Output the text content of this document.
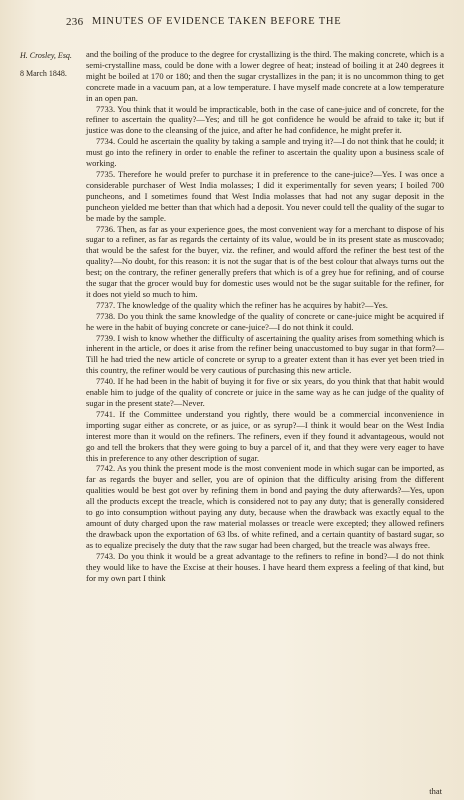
236 MINUTES OF EVIDENCE TAKEN BEFORE THE
H. Crosley, Esq.
8 March 1848.

and the boiling of the produce to the degree for crystallizing is the third. The making concrete, which is a semi-crystalline mass, could be done with a lower degree of heat; instead of boiling it at 240 degrees it might be boiled at 170 or 180; and then the sugar crystallizes in the pan; it is no uncommon thing to get concrete made in a vacuum pan, at a low temperature. I have myself made concrete at a low temperature in an open pan.

7733. You think that it would be impracticable, both in the case of cane-juice and of concrete, for the refiner to ascertain the quality?—Yes; and till he got confidence he would be afraid to take it; but if justice was done to the cleansing of the juice, and after he had confidence, he might prefer it.

7734. Could he ascertain the quality by taking a sample and trying it?—I do not think that he could; it must go into the refinery in order to enable the refiner to ascertain the quality upon a business scale of working.

7735. Therefore he would prefer to purchase it in preference to the cane-juice?—Yes. I was once a considerable purchaser of West India molasses; I did it experimentally for seven years; I boiled 700 puncheons, and I sometimes found that West India molasses that had not any sugar deposit in the puncheon yielded me better than that which had a deposit. You never could tell the quality of the sugar to be made by the sample.

7736. Then, as far as your experience goes, the most convenient way for a merchant to dispose of his sugar to a refiner, as far as regards the certainty of its value, would be in its present state as muscovado; that would be the safest for the buyer, viz. the refiner, and would afford the refiner the best test of the quality?—No doubt, for this reason: it is not the sugar that is of the best colour that always turns out the best; on the contrary, the refiner generally prefers that which is of a grey hue for refining, and of course the sugar that the grocer would buy for domestic uses would not be the sugar suitable for the refiner, for it does not yield so much to him.

7737. The knowledge of the quality which the refiner has he acquires by habit?—Yes.

7738. Do you think the same knowledge of the quality of concrete or cane-juice might be acquired if he were in the habit of buying concrete or cane-juice?—I do not think it could.

7739. I wish to know whether the difficulty of ascertaining the quality arises from something which is inherent in the article, or does it arise from the refiner being unaccustomed to buy sugar in that form?—Till he had tried the new article of concrete or syrup to a greater extent than it has ever yet been tried in this country, the refiner would be very cautious of purchasing this new article.

7740. If he had been in the habit of buying it for five or six years, do you think that that habit would enable him to judge of the quality of concrete or juice in the same way as he can judge of the quality of sugar in the present state?—Never.

7741. If the Committee understand you rightly, there would be a commercial inconvenience in importing sugar either as concrete, or as juice, or as syrup?—I think it would bear on the West India interest more than it would on the refiners. The refiners, even if they found it advantageous, would not go and tell the brokers that they were going to buy a parcel of it, and that they were very eager to have this in preference to any other description of sugar.

7742. As you think the present mode is the most convenient mode in which sugar can be imported, as far as regards the buyer and seller, you are of opinion that the difficulty arising from the different qualities would be best got over by refining them in bond and paying the duty afterwards?—Yes, upon all the products except the treacle, which is considered not to pay any duty; that is generally considered to go into consumption without paying any duty, because when the drawback was exactly equal to the amount of duty charged upon the raw material molasses or treacle were excepted; they allowed refiners the drawback upon the exportation of 63 lbs. of white refined, and a certain quantity of bastard sugar, so as to equalize precisely the duty that the raw sugar had been charged, but the treacle was always free.

7743. Do you think it would be a great advantage to the refiners to refine in bond?—I do not think they would like to have the Excise at their houses. I have heard them express a feeling of that kind, but for my own part I think

that
